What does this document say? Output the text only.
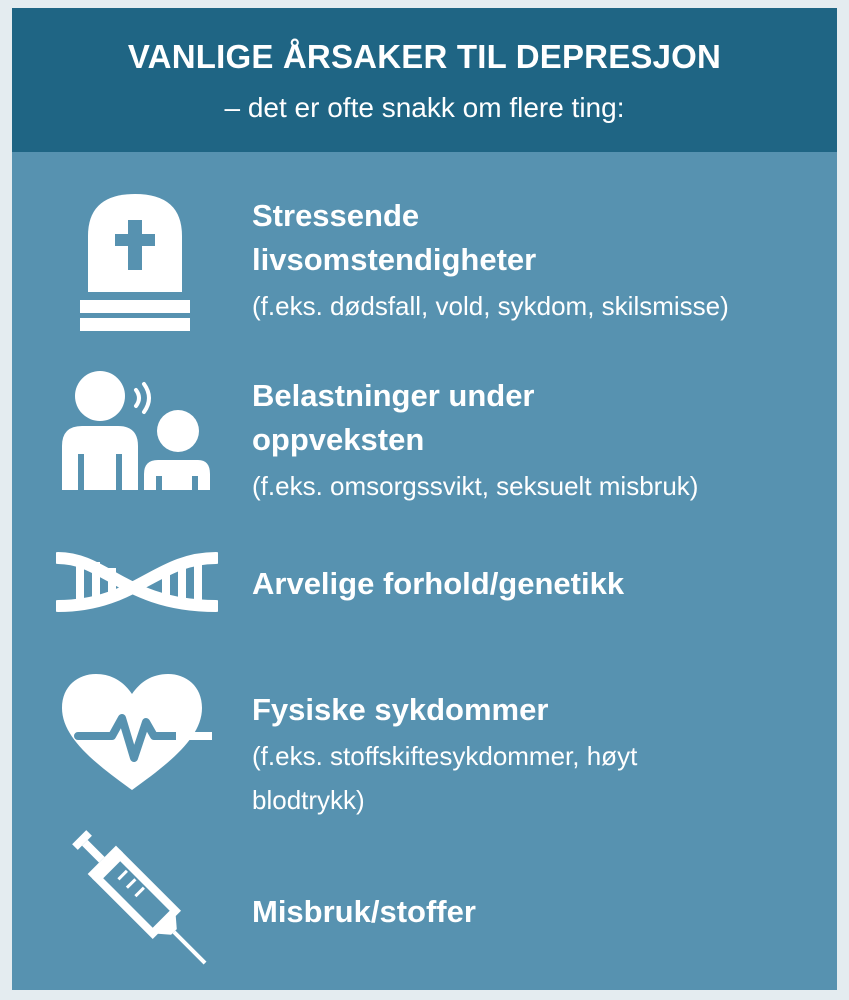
VANLIGE ÅRSAKER TIL DEPRESJON
– det er ofte snakk om flere ting:
Stressende livsomstendigheter
(f.eks. dødsfall, vold, sykdom, skilsmisse)
Belastninger under oppveksten
(f.eks. omsorgssvikt, seksuelt misbruk)
Arvelige forhold/genetikk
Fysiske sykdommer
(f.eks. stoffskiftesykdommer, høyt blodtrykk)
Misbruk/stoffer
